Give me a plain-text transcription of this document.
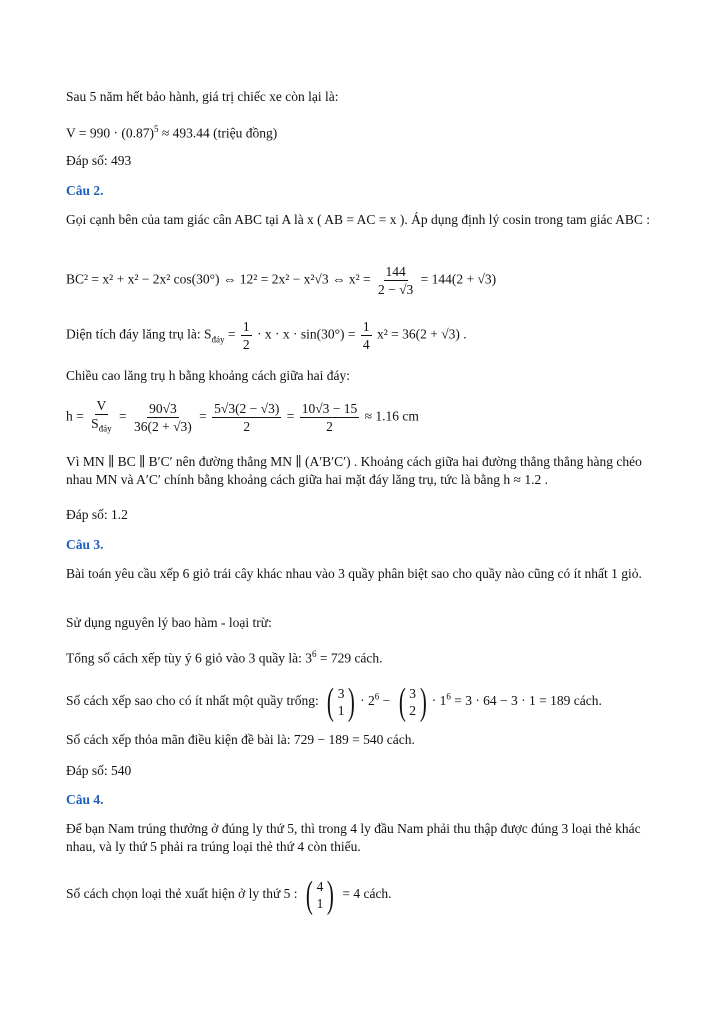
Sau 5 năm hết bảo hành, giá trị chiếc xe còn lại là:
$V = 990 \cdot (0.87)^5 \approx 493.44$ (triệu đồng)
Đáp số: 493
Câu 2.
Gọi cạnh bên của tam giác cân ABC tại A là x ( AB = AC = x ). Áp dụng định lý cosin trong tam giác ABC :
BC² = x² + x² − 2x² cos(30°) ⇔ 12² = 2x² − x²√3 ⇔ $x^2 = \frac{144}{2 - √3} = 144(2 + √3)$
Diện tích đáy lăng trụ là: $S_{đáy} = \frac{1}{2} \cdot x \cdot x \cdot \sin(30^\circ) = \frac{1}{4} x^2 = 36(2 + √3)$ .
Chiều cao lăng trụ h bằng khoảng cách giữa hai đáy:
$h = \frac{V}{S_{đáy}} = \frac{90√3}{36(2 + √3)} = \frac{5√3(2 - √3)}{2} = \frac{10√3 - 15}{2} \approx 1.16$ cm
Vì MN ∥ BC ∥ B′C′ nên đường thẳng MN ∥ (A′B′C′) . Khoảng cách giữa hai đường thẳng thẳng hàng chéo nhau MN và A′C′ chính bằng khoảng cách giữa hai mặt đáy lăng trụ, tức là bằng h ≈ 1.2 .
Đáp số: 1.2
Câu 3.
Bài toán yêu cầu xếp 6 giỏ trái cây khác nhau vào 3 quầy phân biệt sao cho quầy nào cũng có ít nhất 1 giỏ.
Sử dụng nguyên lý bao hàm - loại trừ:
Tổng số cách xếp tùy ý 6 giỏ vào 3 quầy là: $3^6 = 729$ cách.
Số cách xếp sao cho có ít nhất một quầy trống: ( 3
1 ) · $2^6$ − ( 3
2 ) · $1^6 = 3 \cdot 64 - 3 \cdot 1 = 189$ cách.
Số cách xếp thỏa mãn điều kiện đề bài là: 729 − 189 = 540 cách.
Đáp số: 540
Câu 4.
Để bạn Nam trúng thưởng ở đúng ly thứ 5, thì trong 4 ly đầu Nam phải thu thập được đúng 3 loại thẻ khác nhau, và ly thứ 5 phải ra trúng loại thẻ thứ 4 còn thiếu.
Số cách chọn loại thẻ xuất hiện ở ly thứ 5 : ( 4
1 ) = 4 cách.
